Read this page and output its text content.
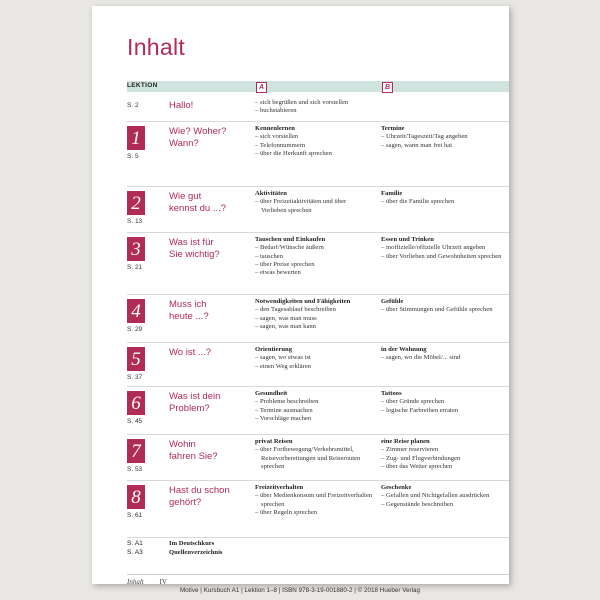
Inhalt
LEKTION	A	B
S. 2	Hallo!
–	sich begrüßen und sich vorstellen
– buchstabieren
1
S. 5
Wie? Woher?
Wann?
Kennenlernen
– sich vorstellen
– Telefonnummern
– über die Herkunft sprechen
Termine
– Uhrzeit/Tageszeit/Tag angeben
– sagen, wann man frei hat
2
S. 13
Wie gut
kennst du ...?
Aktivitäten
– über Freizeitaktivitäten und über Vorlieben sprechen
Familie
– über die Familie sprechen
3
S. 21
Was ist für
Sie wichtig?
Tauschen und Einkaufen
– Bedarf/Wünsche äußern
– tauschen
– über Preise sprechen
– etwas bewerten
Essen und Trinken
– inoffizielle/offizielle Uhrzeit angeben
– über Vorlieben und Gewohnheiten sprechen
4
S. 29
Muss ich
heute ...?
Notwendigkeiten und Fähigkeiten
– den Tagesablauf beschreiben
– sagen, was man muss
– sagen, was man kann
Gefühle
– über Stimmungen und Gefühle sprechen
5
S. 37
Wo ist ...?	Orientierung
– sagen, wo etwas ist
– einen Weg erklären
in der Wohnung
– sagen, wo die Möbel/... sind
6
S. 45
Was ist dein
Problem?
Gesundheit
– Probleme beschreiben
– Termine ausmachen
– Vorschläge machen
Tattoos
– über Gründe sprechen
– logische Farbreihen erraten
7
S. 53
Wohin
fahren Sie?
privat Reisen
– über Fortbewegung/Verkehrsmittel, Reisevorbereitungen und Reiserouten sprechen
eine Reise planen
– Zimmer reservieren
– Zug- und Flugverbindungen
– über das Wetter sprechen
8
S. 61
Hast du schon
gehört?
Freizeitverhalten
– über Medienkonsum und Freizeitverhalten sprechen
– über Regeln sprechen
Geschenke
– Gefallen und Nichtgefallen ausdrücken
– Gegenstände beschreiben
S. A1	Im Deutschkurs
S. A3	Quellenverzeichnis
Inhalt IV
Motive | Kursbuch A1 | Lektion 1–8 | ISBN 978-3-19-001880-2 | © 2018 Hueber Verlag
